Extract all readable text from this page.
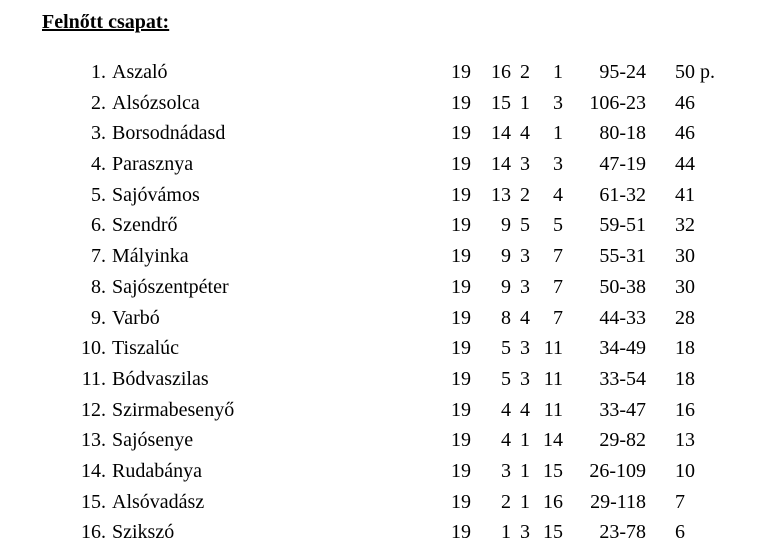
Felnőtt csapat:
1. Aszaló	19 16 2 1 95-24 50 p.
2. Alsózsolca	19 15 1 3 106-23 46
3. Borsodnádasd	19 14 4 1 80-18 46
4. Parasznya	19 14 3 3 47-19 44
5. Sajóvámos	19 13 2 4 61-32 41
6. Szendrő	19 9 5 5 59-51 32
7. Mályinka	19 9 3 7 55-31 30
8. Sajószentpéter	19 9 3 7 50-38 30
9. Varbó	19 8 4 7 44-33 28
10. Tiszalúc	19 5 3 11 34-49 18
11. Bódvaszilas	19 5 3 11 33-54 18
12. Szirmabesenyő	19 4 4 11 33-47 16
13. Sajósenye	19 4 1 14 29-82 13
14. Rudabánya	19 3 1 15 26-109 10
15. Alsóvadász	19 2 1 16 29-118 7
16. Szikszó	19 1 3 15 23-78 6
